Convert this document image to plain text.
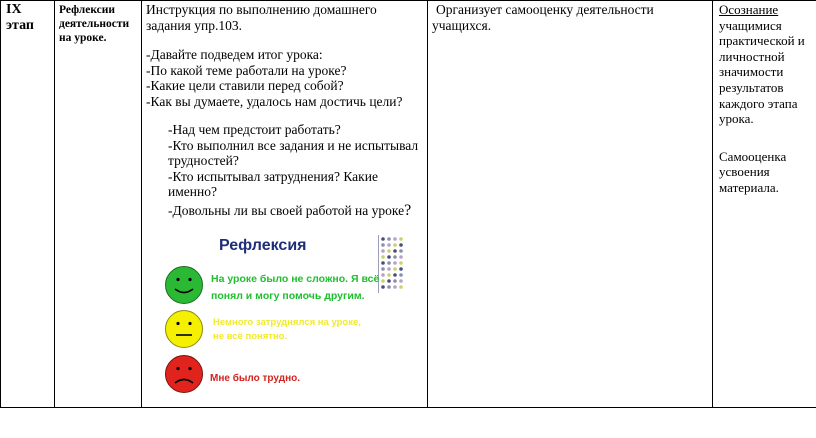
IX
этап
Рефлексии
деятельности
на уроке.
Инструкция по выполнению домашнего
задания упр.103.
-Давайте подведем итог урока:
-По какой теме работали на уроке?
-Какие цели ставили перед собой?
-Как вы думаете, удалось нам достичь цели?
-Над чем предстоит работать?
-Кто выполнил все задания и не испытывал
трудностей?
-Кто испытывал затруднения? Какие
именно?
-Довольны ли вы своей работой на уроке?
Рефлексия
На уроке было не сложно. Я всё
понял и могу помочь другим.
Немного затруднялся на уроке,
не всё понятно.
Мне было трудно.
Организует самооценку деятельности
учащихся.
Осознание
учащимися
практической и
личностной
значимости
результатов
каждого этапа
урока.
Самооценка
усвоения
материала.
